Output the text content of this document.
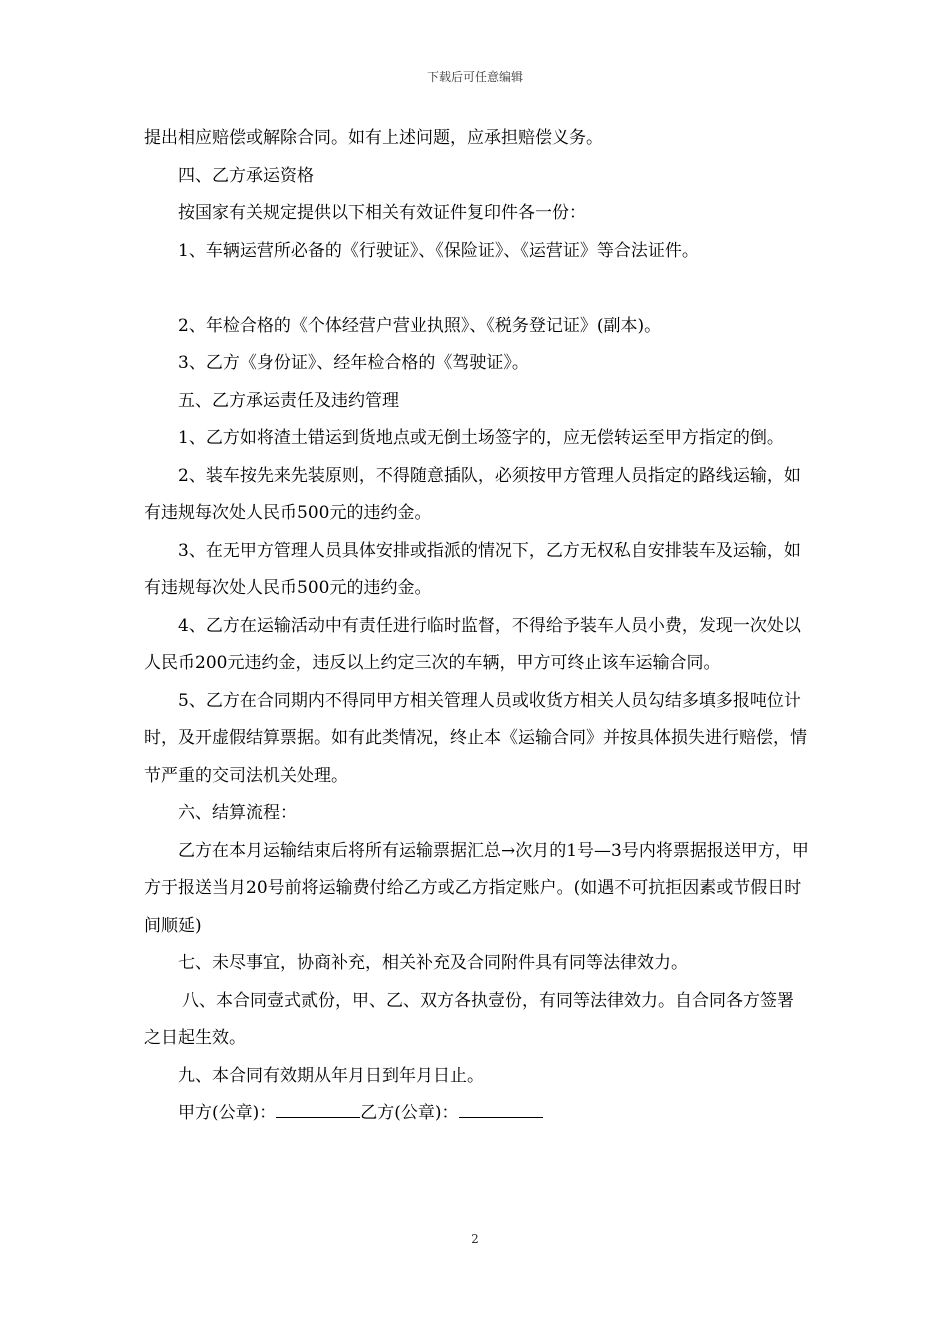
下载后可任意编辑

提出相应赔偿或解除合同。如有上述问题，应承担赔偿义务。

四、乙方承运资格

按国家有关规定提供以下相关有效证件复印件各一份：

1、车辆运营所必备的《行驶证》、《保险证》、《运营证》等合法证件。

2、年检合格的《个体经营户营业执照》、《税务登记证》(副本)。

3、乙方《身份证》、经年检合格的《驾驶证》。

五、乙方承运责任及违约管理

1、乙方如将渣土错运到货地点或无倒土场签字的，应无偿转运至甲方指定的倒。

2、装车按先来先装原则，不得随意插队，必须按甲方管理人员指定的路线运输，如有违规每次处人民币500元的违约金。

3、在无甲方管理人员具体安排或指派的情况下，乙方无权私自安排装车及运输，如有违规每次处人民币500元的违约金。

4、乙方在运输活动中有责任进行临时监督，不得给予装车人员小费，发现一次处以人民币200元违约金，违反以上约定三次的车辆，甲方可终止该车运输合同。

5、乙方在合同期内不得同甲方相关管理人员或收货方相关人员勾结多填多报吨位计时，及开虚假结算票据。如有此类情况，终止本《运输合同》并按具体损失进行赔偿，情节严重的交司法机关处理。

六、结算流程：

乙方在本月运输结束后将所有运输票据汇总→次月的1号—3号内将票据报送甲方，甲方于报送当月20号前将运输费付给乙方或乙方指定账户。(如遇不可抗拒因素或节假日时间顺延)

七、未尽事宜，协商补充，相关补充及合同附件具有同等法律效力。

八、本合同壹式贰份，甲、乙、双方各执壹份，有同等法律效力。自合同各方签署之日起生效。

九、本合同有效期从年月日到年月日止。

甲方(公章)：	乙方(公章)：

2
